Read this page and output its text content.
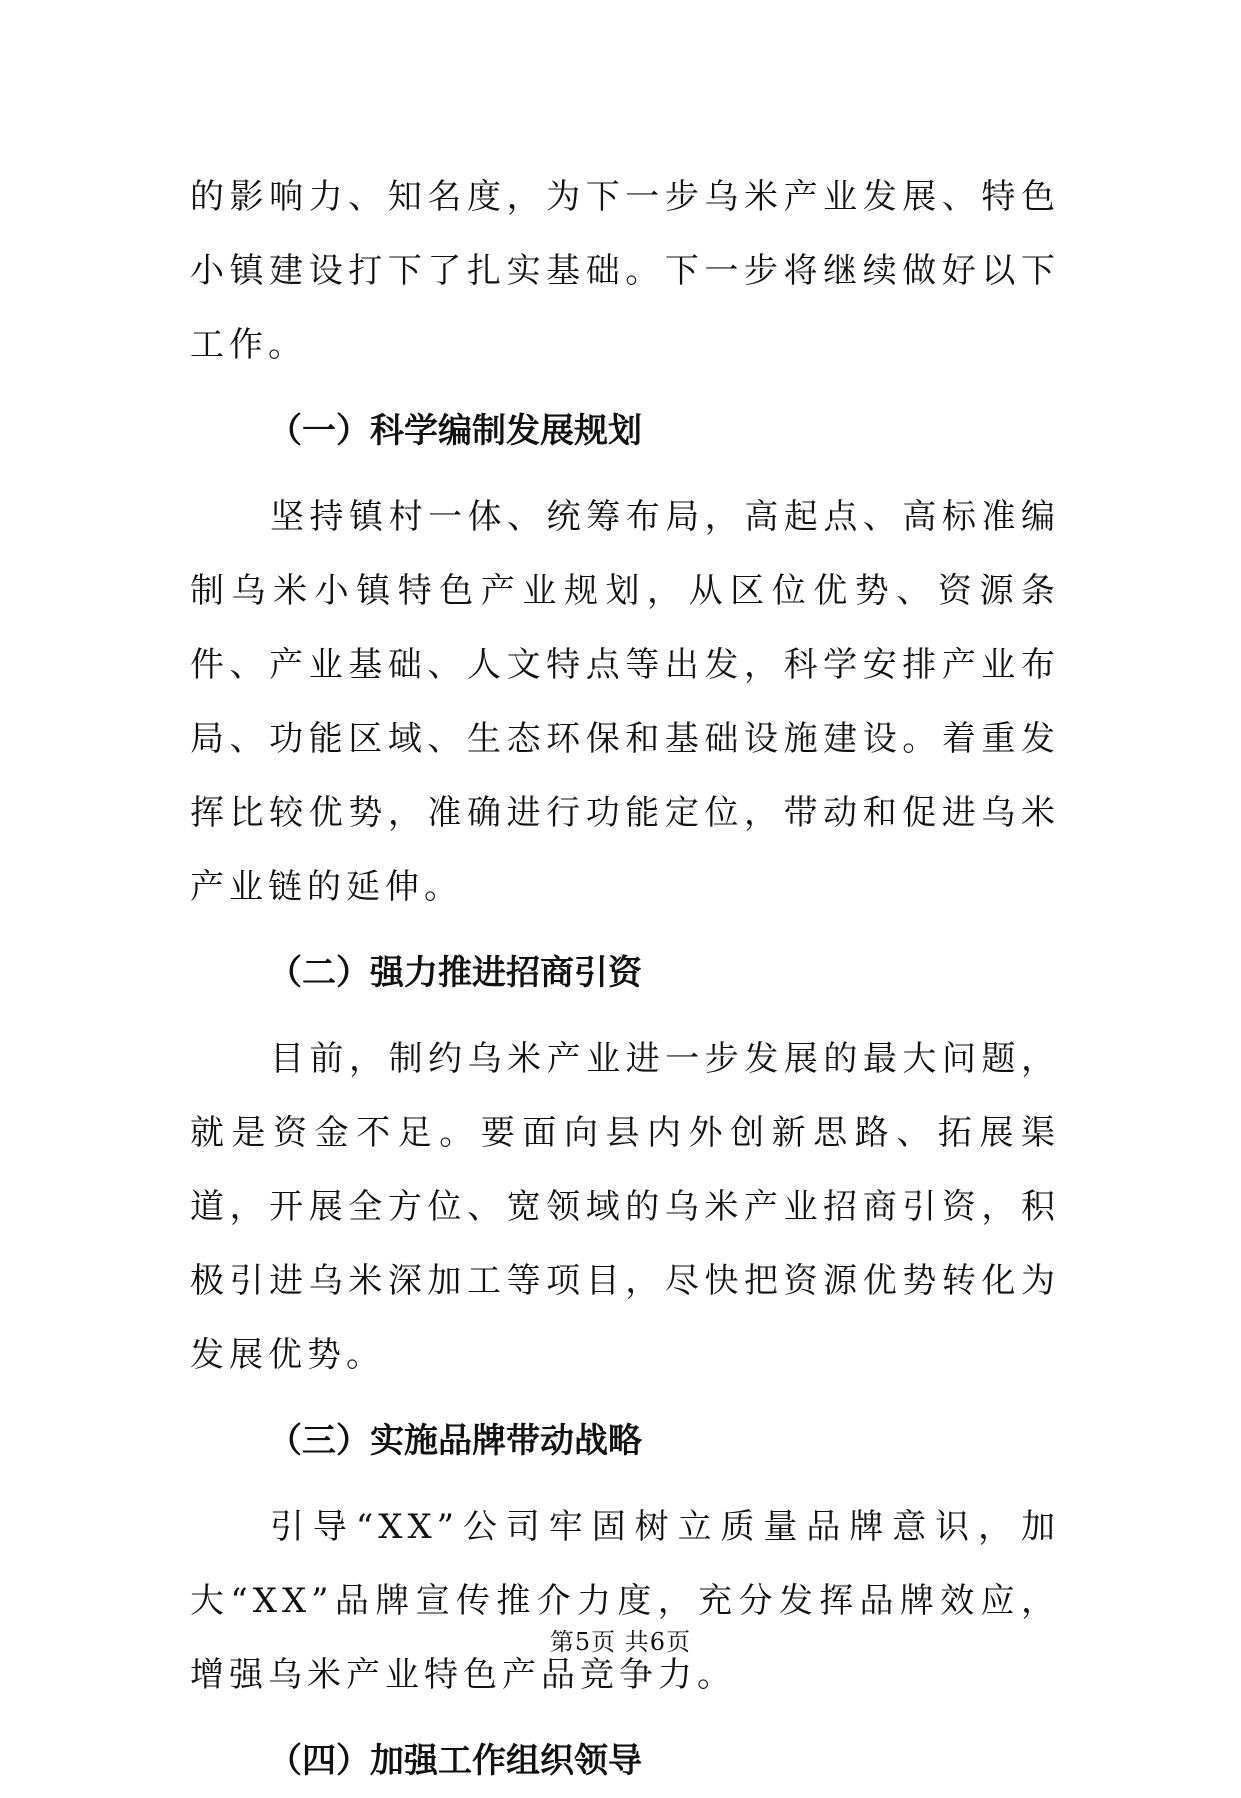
的影响力、知名度，为下一步乌米产业发展、特色小镇建设打下了扎实基础。下一步将继续做好以下工作。

（一）科学编制发展规划

坚持镇村一体、统筹布局，高起点、高标准编制乌米小镇特色产业规划，从区位优势、资源条件、产业基础、人文特点等出发，科学安排产业布局、功能区域、生态环保和基础设施建设。着重发挥比较优势，准确进行功能定位，带动和促进乌米产业链的延伸。

（二）强力推进招商引资

目前，制约乌米产业进一步发展的最大问题，就是资金不足。要面向县内外创新思路、拓展渠道，开展全方位、宽领域的乌米产业招商引资，积极引进乌米深加工等项目，尽快把资源优势转化为发展优势。

（三）实施品牌带动战略

引导“XX”公司牢固树立质量品牌意识，加大“XX”品牌宣传推介力度，充分发挥品牌效应，增强乌米产业特色产品竞争力。

（四）加强工作组织领导

第5页 共6页
